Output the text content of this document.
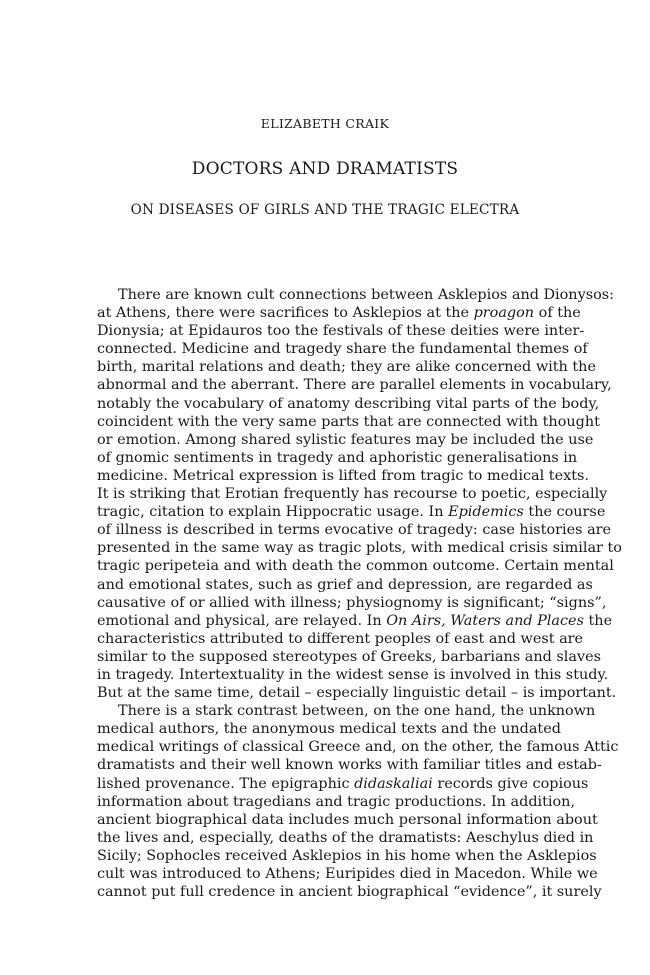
ELIZABETH CRAIK
DOCTORS AND DRAMATISTS
ON DISEASES OF GIRLS AND THE TRAGIC ELECTRA
There are known cult connections between Asklepios and Dionysos:
at Athens, there were sacrifices to Asklepios at the proagon of the
Dionysia; at Epidauros too the festivals of these deities were inter-
connected. Medicine and tragedy share the fundamental themes of
birth, marital relations and death; they are alike concerned with the
abnormal and the aberrant. There are parallel elements in vocabulary,
notably the vocabulary of anatomy describing vital parts of the body,
coincident with the very same parts that are connected with thought
or emotion. Among shared sylistic features may be included the use
of gnomic sentiments in tragedy and aphoristic generalisations in
medicine. Metrical expression is lifted from tragic to medical texts.
It is striking that Erotian frequently has recourse to poetic, especially
tragic, citation to explain Hippocratic usage. In Epidemics the course
of illness is described in terms evocative of tragedy: case histories are
presented in the same way as tragic plots, with medical crisis similar to
tragic peripeteia and with death the common outcome. Certain mental
and emotional states, such as grief and depression, are regarded as
causative of or allied with illness; physiognomy is significant; “signs”,
emotional and physical, are relayed. In On Airs, Waters and Places the
characteristics attributed to different peoples of east and west are
similar to the supposed stereotypes of Greeks, barbarians and slaves
in tragedy. Intertextuality in the widest sense is involved in this study.
But at the same time, detail – especially linguistic detail – is important.
There is a stark contrast between, on the one hand, the unknown
medical authors, the anonymous medical texts and the undated
medical writings of classical Greece and, on the other, the famous Attic
dramatists and their well known works with familiar titles and estab-
lished provenance. The epigraphic didaskaliai records give copious
information about tragedians and tragic productions. In addition,
ancient biographical data includes much personal information about
the lives and, especially, deaths of the dramatists: Aeschylus died in
Sicily; Sophocles received Asklepios in his home when the Asklepios
cult was introduced to Athens; Euripides died in Macedon. While we
cannot put full credence in ancient biographical “evidence”, it surely
